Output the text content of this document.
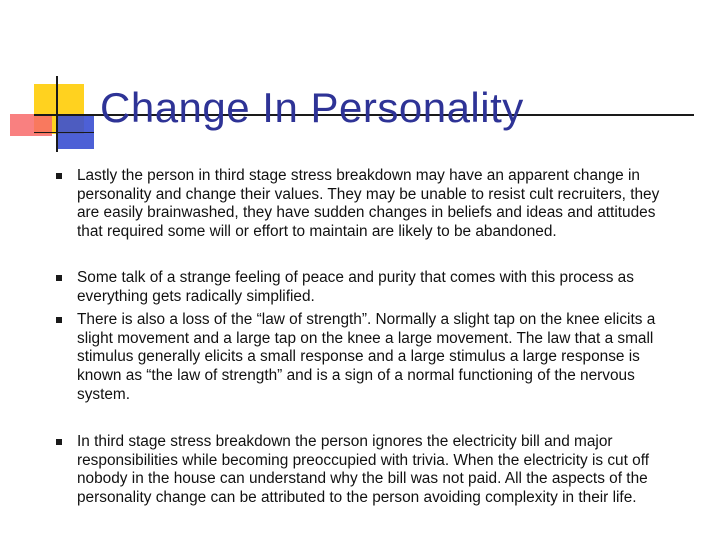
Change In Personality
Lastly the person in third stage stress breakdown may have an apparent change in personality and change their values. They may be unable to resist cult recruiters, they are easily brainwashed, they have sudden changes in beliefs and ideas and attitudes that required some will or effort to maintain are likely to be abandoned.
Some talk of a strange feeling of peace and purity that comes with this process as everything gets radically simplified.
There is also a loss of the “law of strength”. Normally a slight tap on the knee elicits a slight movement and a large tap on the knee a large movement. The law that a small stimulus generally elicits a small response and a large stimulus a large response is known as “the law of strength” and is a sign of a normal functioning of the nervous system.
In third stage stress breakdown the person ignores the electricity bill and major responsibilities while becoming preoccupied with trivia. When the electricity is cut off nobody in the house can understand why the bill was not paid. All the aspects of the personality change can be attributed to the person avoiding complexity in their life.
